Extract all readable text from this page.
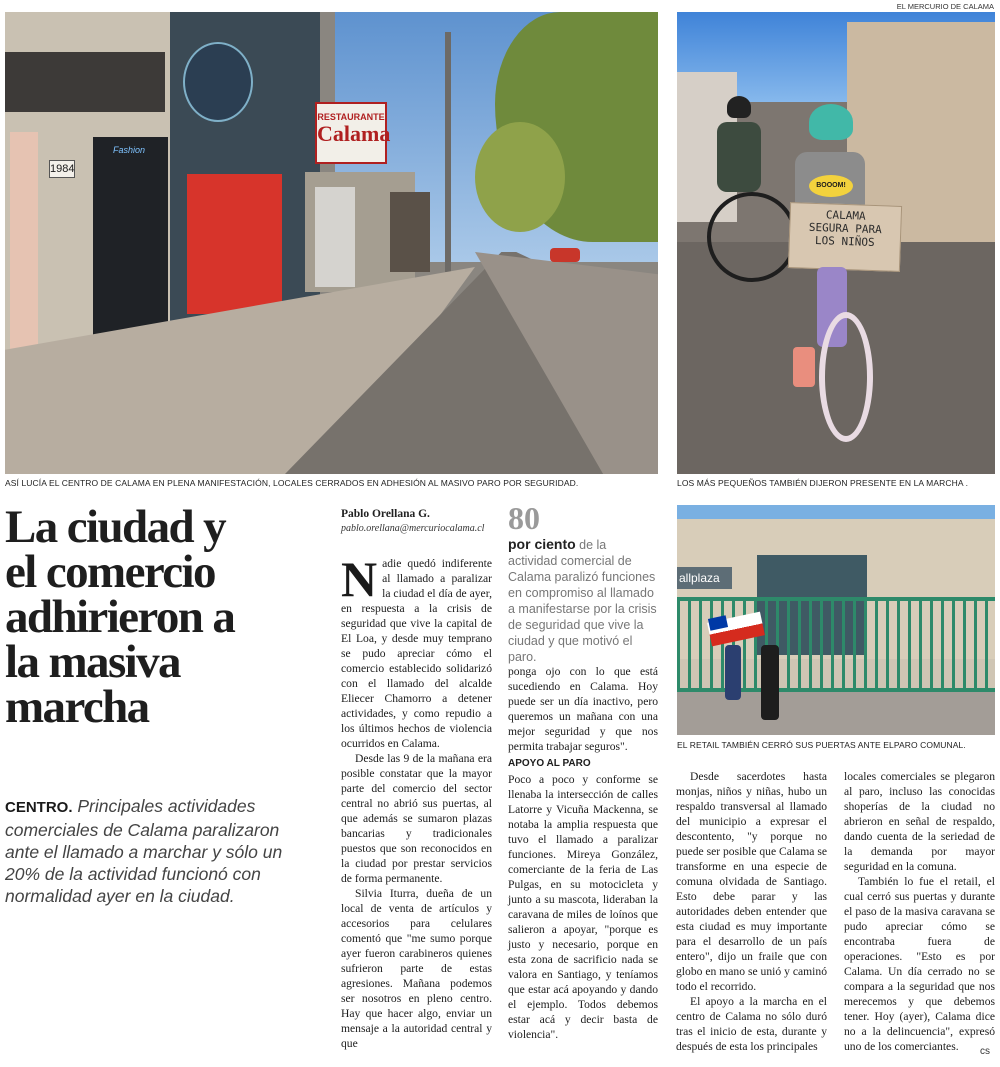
EL MERCURIO DE CALAMA
1984
Fashion
RESTAURANTE
Calama
ASÍ LUCÍA EL CENTRO DE CALAMA EN PLENA MANIFESTACIÓN, LOCALES CERRADOS EN ADHESIÓN AL MASIVO PARO POR SEGURIDAD.
BOOOM!
CALAMA
SEGURA PARA
LOS NIÑOS
LOS MÁS PEQUEÑOS TAMBIÉN DIJERON PRESENTE EN LA MARCHA .
allplaza
EL RETAIL TAMBIÉN CERRÓ SUS PUERTAS ANTE ELPARO COMUNAL.
La ciudad y
el comercio
adhirieron a
la masiva
marcha
CENTRO. Principales actividades comerciales de Calama paralizaron ante el llamado a marchar y sólo un 20% de la actividad funcionó con normalidad ayer en la ciudad.
Pablo Orellana G.
pablo.orellana@mercuriocalama.cl 80
por ciento de la actividad comercial de Calama paralizó funciones en compromiso al llamado a manifestarse por la crisis de seguridad que vive la ciudad y que motivó el paro.

Nadie quedó indiferente al llamado a paralizar la ciudad el día de ayer, en respuesta a la crisis de seguridad que vive la capital de El Loa, y desde muy temprano se pudo apreciar cómo el comercio establecido solidarizó con el llamado del alcalde Eliecer Chamorro a detener actividades, y como repudio a los últimos hechos de violencia ocurridos en Calama.

Desde las 9 de la mañana era posible constatar que la mayor parte del comercio del sector central no abrió sus puertas, al que además se sumaron plazas bancarias y tradicionales puestos que son reconocidos en la ciudad por prestar servicios de forma permanente.

Silvia Iturra, dueña de un local de venta de artículos y accesorios para celulares comentó que "me sumo porque ayer fueron carabineros quienes sufrieron parte de estas agresiones. Mañana podemos ser nosotros en pleno centro. Hay que hacer algo, enviar un mensaje a la autoridad central y que

ponga ojo con lo que está sucediendo en Calama. Hoy puede ser un día inactivo, pero queremos un mañana con una mejor seguridad y que nos permita trabajar seguros".

APOYO AL PARO

Poco a poco y conforme se llenaba la intersección de calles Latorre y Vicuña Mackenna, se notaba la amplia respuesta que tuvo el llamado a paralizar funciones. Mireya González, comerciante de la feria de Las Pulgas, en su motocicleta y junto a su mascota, lideraban la caravana de miles de loínos que salieron a apoyar, "porque es justo y necesario, porque en esta zona de sacrificio nada se valora en Santiago, y teníamos que estar acá apoyando y dando el ejemplo. Todos debemos estar acá y decir basta de violencia".

Desde sacerdotes hasta monjas, niños y niñas, hubo un respaldo transversal al llamado del municipio a expresar el descontento, "y porque no puede ser posible que Calama se transforme en una especie de comuna olvidada de Santiago. Esto debe parar y las autoridades deben entender que esta ciudad es muy importante para el desarrollo de un país entero", dijo un fraile que con globo en mano se unió y caminó todo el recorrido.

El apoyo a la marcha en el centro de Calama no sólo duró tras el inicio de esta, durante y después de esta los principales

locales comerciales se plegaron al paro, incluso las conocidas shoperías de la ciudad no abrieron en señal de respaldo, dando cuenta de la seriedad de la demanda por mayor seguridad en la comuna.

También lo fue el retail, el cual cerró sus puertas y durante el paso de la masiva caravana se pudo apreciar cómo se encontraba fuera de operaciones. "Esto es por Calama. Un día cerrado no se compara a la seguridad que nos merecemos y que debemos tener. Hoy (ayer), Calama dice no a la delincuencia", expresó uno de los comerciantes.	cs
